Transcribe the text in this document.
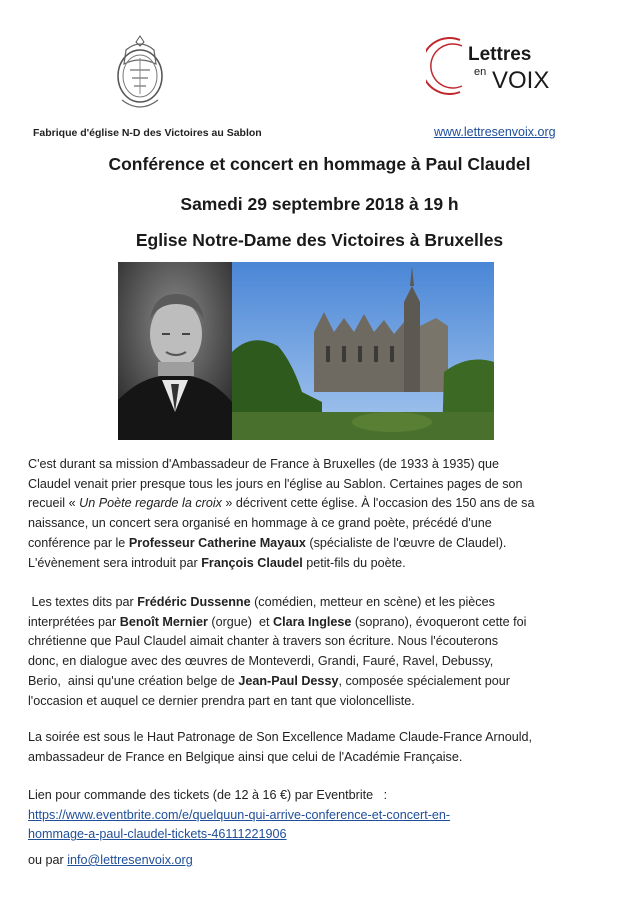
Lettres
en VOIX
Fabrique d'église N-D des Victoires au Sablon	www.lettresenvoix.org
Conférence et concert en hommage à Paul Claudel
Samedi 29 septembre 2018 à 19 h
Eglise Notre-Dame des Victoires à Bruxelles
C'est durant sa mission d'Ambassadeur de France à Bruxelles (de 1933 à 1935) que
Claudel venait prier presque tous les jours en l'église au Sablon. Certaines pages de son
recueil « Un Poète regarde la croix » décrivent cette église. À l'occasion des 150 ans de sa
naissance, un concert sera organisé en hommage à ce grand poète, précédé d'une
conférence par le Professeur Catherine Mayaux (spécialiste de l'œuvre de Claudel).
L'évènement sera introduit par François Claudel petit-fils du poète.
Les textes dits par Frédéric Dussenne (comédien, metteur en scène) et les pièces
interprétées par Benoît Mernier (orgue)  et Clara Inglese (soprano), évoqueront cette foi
chrétienne que Paul Claudel aimait chanter à travers son écriture. Nous l'écouterons
donc, en dialogue avec des œuvres de Monteverdi, Grandi, Fauré, Ravel, Debussy,
Berio,  ainsi qu'une création belge de Jean-Paul Dessy, composée spécialement pour
l'occasion et auquel ce dernier prendra part en tant que violoncelliste.
La soirée est sous le Haut Patronage de Son Excellence Madame Claude-France Arnould,
ambassadeur de France en Belgique ainsi que celui de l'Académie Française.
Lien pour commande des tickets (de 12 à 16 €) par Eventbrite   :
https://www.eventbrite.com/e/quelquun-qui-arrive-conference-et-concert-en-
hommage-a-paul-claudel-tickets-46111221906
ou par info@lettresenvoix.org
